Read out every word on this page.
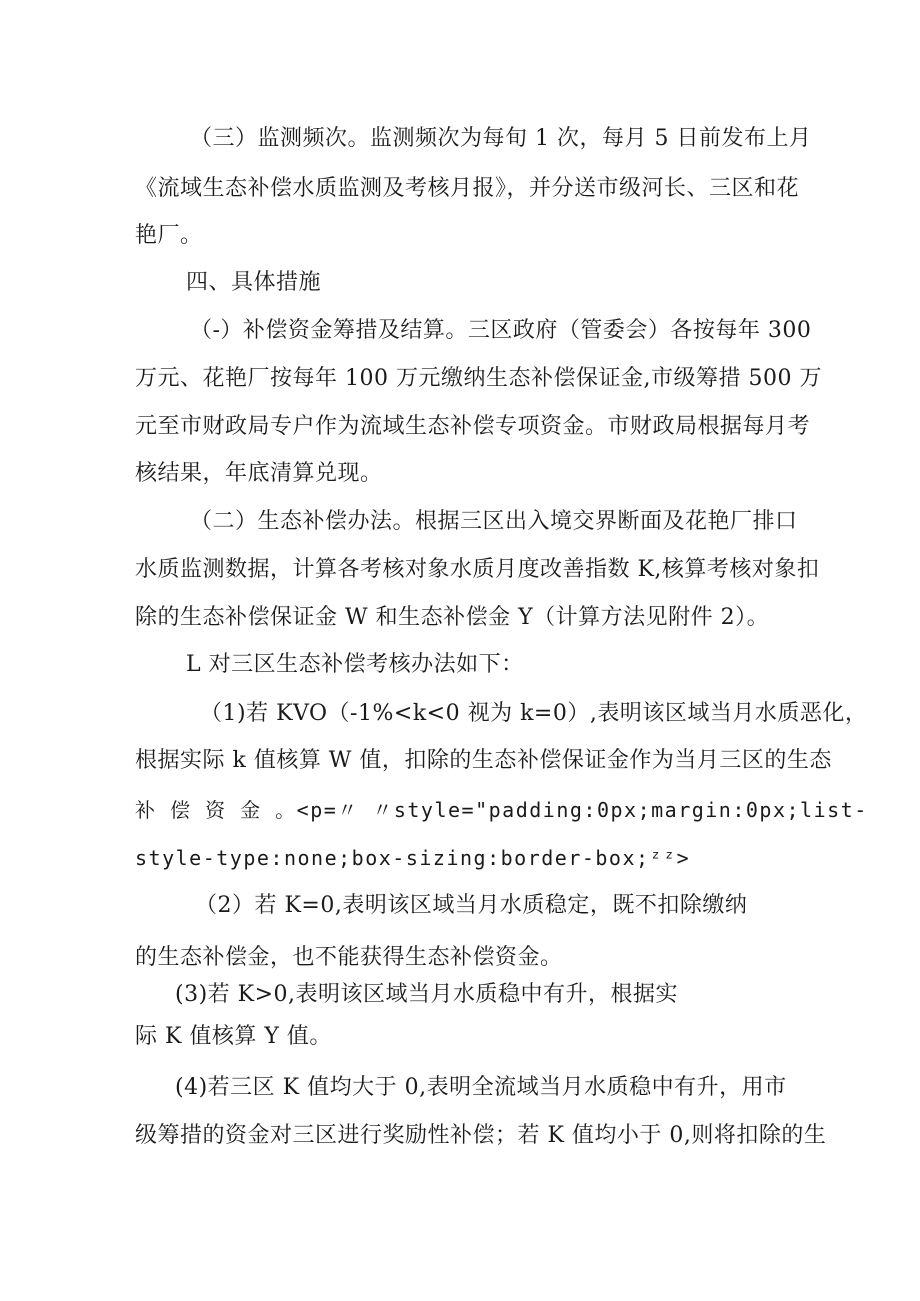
（三）监测频次。监测频次为每旬 1 次，每月 5 日前发布上月
《流域生态补偿水质监测及考核月报》，并分送市级河长、三区和花
艳厂。
四、具体措施
（-）补偿资金筹措及结算。三区政府（管委会）各按每年 300
万元、花艳厂按每年 100 万元缴纳生态补偿保证金,市级筹措 500 万
元至市财政局专户作为流域生态补偿专项资金。市财政局根据每月考
核结果，年底清算兑现。
（二）生态补偿办法。根据三区出入境交界断面及花艳厂排口
水质监测数据，计算各考核对象水质月度改善指数 K,核算考核对象扣
除的生态补偿保证金 W 和生态补偿金 Y（计算方法见附件 2）。
L 对三区生态补偿考核办法如下：
（1)若 KVO（-1%<k<0 视为 k=0）,表明该区域当月水质恶化，
根据实际 k 值核算 W 值，扣除的生态补偿保证金作为当月三区的生态
补 偿 资 金 。<p=〃 〃style="padding:0px;margin:0px;list-
style-type:none;box-sizing:border-box;ᶻᶻ>
（2）若 K=0,表明该区域当月水质稳定，既不扣除缴纳
的生态补偿金，也不能获得生态补偿资金。
(3)若 K>0,表明该区域当月水质稳中有升，根据实
际 K 值核算 Y 值。
(4)若三区 K 值均大于 0,表明全流域当月水质稳中有升，用市
级筹措的资金对三区进行奖励性补偿；若 K 值均小于 0,则将扣除的生
